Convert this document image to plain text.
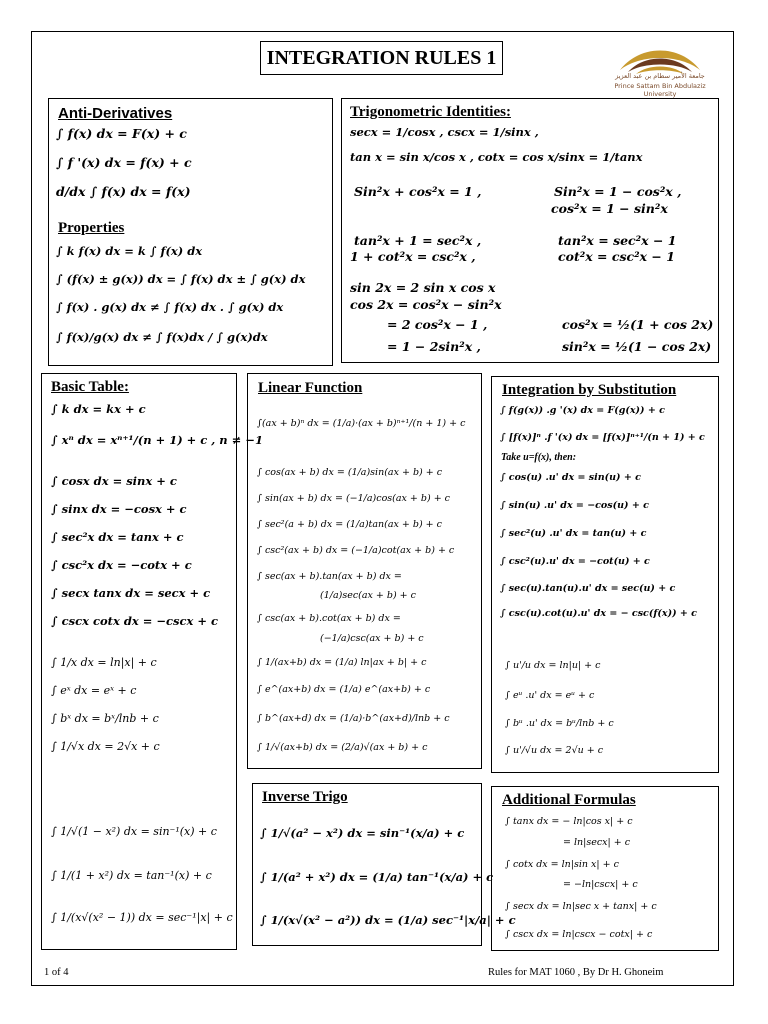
INTEGRATION RULES 1
جامعة الأمير سطام بن عبد العزيز
Prince Sattam Bin Abdulaziz University
Anti-Derivatives
∫ f(x) dx = F(x) + c
∫ f '(x) dx = f(x) + c
d/dx ∫ f(x) dx = f(x)
Properties
∫ k f(x) dx = k ∫ f(x) dx
∫ (f(x) ± g(x)) dx = ∫ f(x) dx ± ∫ g(x) dx
∫ f(x) . g(x) dx ≠ ∫ f(x) dx . ∫ g(x) dx
∫ f(x)/g(x) dx ≠ ∫ f(x)dx / ∫ g(x)dx
Trigonometric Identities:
secx = 1/cosx , cscx = 1/sinx ,
tan x = sin x/cos x , cotx = cos x/sinx = 1/tanx
Sin²x + cos²x = 1 ,	Sin²x = 1 − cos²x ,
cos²x = 1 − sin²x
tan²x + 1 = sec²x ,	tan²x = sec²x − 1
1 + cot²x = csc²x ,	cot²x = csc²x − 1
sin 2x = 2 sin x cos x
cos 2x = cos²x − sin²x
= 2 cos²x − 1 ,	cos²x = ½(1 + cos 2x)
= 1 − 2sin²x ,	sin²x = ½(1 − cos 2x)
Basic Table:
∫ k dx = kx + c
∫ xⁿ dx = xⁿ⁺¹/(n + 1) + c , n ≠ −1
∫ cosx dx = sinx + c
∫ sinx dx = −cosx + c
∫ sec²x dx = tanx + c
∫ csc²x dx = −cotx + c
∫ secx tanx dx = secx + c
∫ cscx cotx dx = −cscx + c
∫ 1/x dx = ln|x| + c
∫ eˣ dx = eˣ + c
∫ bˣ dx = bˣ/lnb + c
∫ 1/√x dx = 2√x + c
∫ 1/√(1 − x²) dx = sin⁻¹(x) + c
∫ 1/(1 + x²) dx = tan⁻¹(x) + c
∫ 1/(x√(x² − 1)) dx = sec⁻¹|x| + c
Linear Function
∫(ax + b)ⁿ dx = (1/a)·(ax + b)ⁿ⁺¹/(n + 1) + c
∫ cos(ax + b) dx = (1/a)sin(ax + b) + c
∫ sin(ax + b) dx = (−1/a)cos(ax + b) + c
∫ sec²(a + b) dx = (1/a)tan(ax + b) + c
∫ csc²(ax + b) dx = (−1/a)cot(ax + b) + c
∫ sec(ax + b).tan(ax + b) dx =
(1/a)sec(ax + b) + c
∫ csc(ax + b).cot(ax + b) dx =
(−1/a)csc(ax + b) + c
∫ 1/(ax+b) dx = (1/a) ln|ax + b| + c
∫ e^(ax+b) dx = (1/a) e^(ax+b) + c
∫ b^(ax+d) dx = (1/a)·b^(ax+d)/lnb + c
∫ 1/√(ax+b) dx = (2/a)√(ax + b) + c
Inverse Trigo
∫ 1/√(a² − x²) dx = sin⁻¹(x/a) + c
∫ 1/(a² + x²) dx = (1/a) tan⁻¹(x/a) + c
∫ 1/(x√(x² − a²)) dx = (1/a) sec⁻¹|x/a| + c
Integration by Substitution
∫ f(g(x)) .g '(x) dx = F(g(x)) + c
∫ [f(x)]ⁿ .f '(x) dx = [f(x)]ⁿ⁺¹/(n + 1) + c
Take u=f(x), then:
∫ cos(u) .u' dx = sin(u) + c
∫ sin(u) .u' dx = −cos(u) + c
∫ sec²(u) .u' dx = tan(u) + c
∫ csc²(u).u' dx = −cot(u) + c
∫ sec(u).tan(u).u' dx = sec(u) + c
∫ csc(u).cot(u).u' dx = − csc(f(x)) + c
∫ u'/u dx = ln|u| + c
∫ eᵘ .u' dx = eᵘ + c
∫ bᵘ .u' dx = bᵘ/lnb + c
∫ u'/√u dx = 2√u + c
Additional Formulas
∫ tanx dx = − ln|cos x| + c
= ln|secx| + c
∫ cotx dx = ln|sin x| + c
= −ln|cscx| + c
∫ secx dx = ln|sec x + tanx| + c
∫ cscx dx = ln|cscx − cotx| + c
1 of 4	Rules for MAT 1060 , By Dr H. Ghoneim
